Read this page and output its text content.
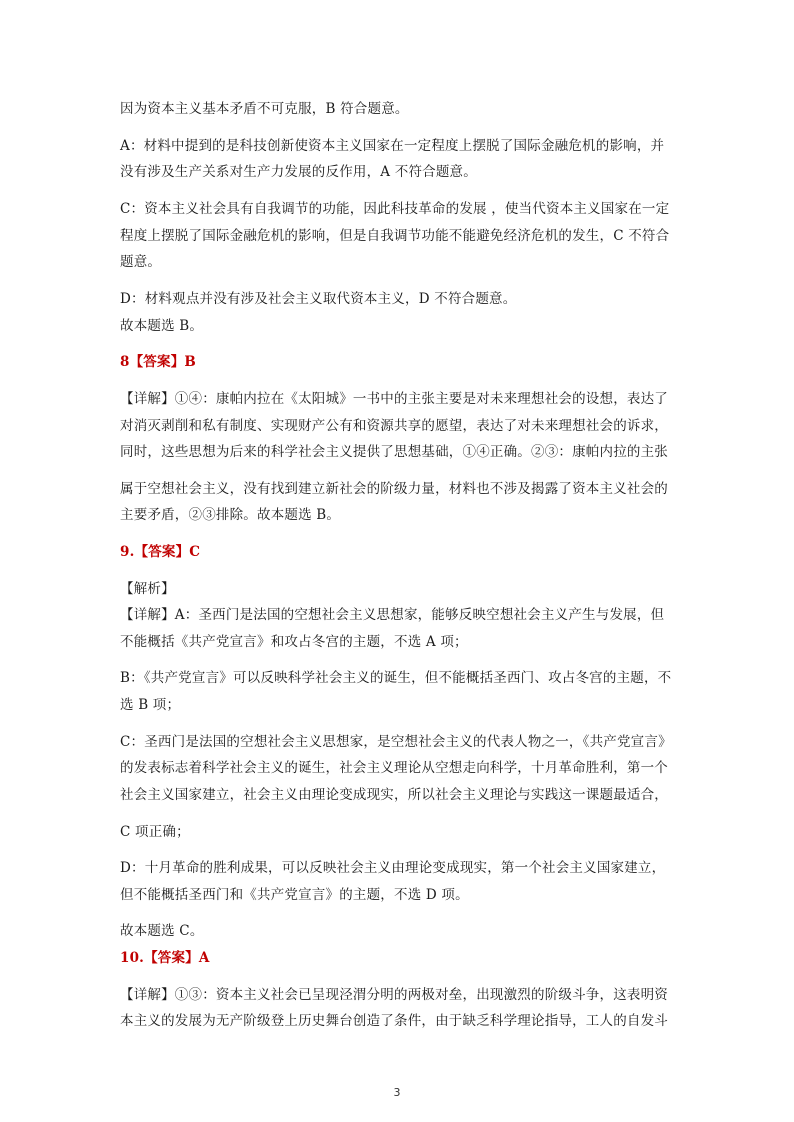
因为资本主义基本矛盾不可克服，B 符合题意。
A：材料中提到的是科技创新使资本主义国家在一定程度上摆脱了国际金融危机的影响，并
没有涉及生产关系对生产力发展的反作用，A 不符合题意。
C：资本主义社会具有自我调节的功能，因此科技革命的发展 ，使当代资本主义国家在一定
程度上摆脱了国际金融危机的影响，但是自我调节功能不能避免经济危机的发生，C 不符合
题意。
D：材料观点并没有涉及社会主义取代资本主义，D 不符合题意。
故本题选 B。
8【答案】B
【详解】①④：康帕内拉在《太阳城》一书中的主张主要是对未来理想社会的设想，表达了
对消灭剥削和私有制度、实现财产公有和资源共享的愿望，表达了对未来理想社会的诉求，
同时，这些思想为后来的科学社会主义提供了思想基础，①④正确。②③：康帕内拉的主张
属于空想社会主义，没有找到建立新社会的阶级力量，材料也不涉及揭露了资本主义社会的
主要矛盾，②③排除。故本题选 B。
9.【答案】C
【解析】
【详解】A：圣西门是法国的空想社会主义思想家，能够反映空想社会主义产生与发展，但
不能概括《共产党宣言》和攻占冬宫的主题，不选 A 项；
B：《共产党宣言》可以反映科学社会主义的诞生，但不能概括圣西门、攻占冬宫的主题，不
选 B 项；
C：圣西门是法国的空想社会主义思想家，是空想社会主义的代表人物之一，《共产党宣言》
的发表标志着科学社会主义的诞生，社会主义理论从空想走向科学，十月革命胜利，第一个
社会主义国家建立，社会主义由理论变成现实，所以社会主义理论与实践这一课题最适合，
C 项正确；
D：十月革命的胜利成果，可以反映社会主义由理论变成现实，第一个社会主义国家建立，
但不能概括圣西门和《共产党宣言》的主题，不选 D 项。
故本题选 C。
10.【答案】A
【详解】①③：资本主义社会已呈现泾渭分明的两极对垒，出现激烈的阶级斗争，这表明资
本主义的发展为无产阶级登上历史舞台创造了条件，由于缺乏科学理论指导，工人的自发斗
3
